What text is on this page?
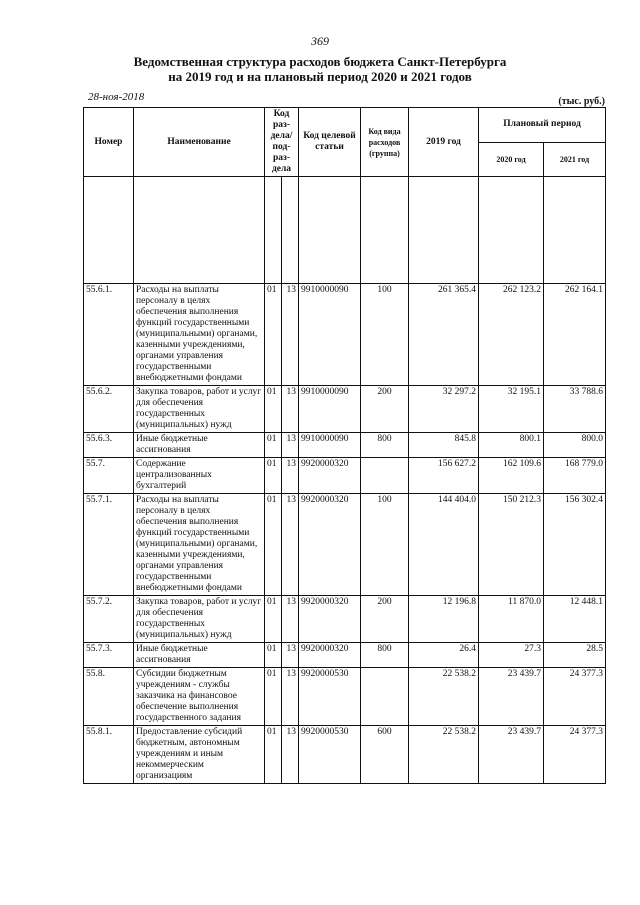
369
Ведомственная структура расходов бюджета Санкт-Петербурга
на 2019 год и на плановый период 2020 и 2021 годов
28-ноя-2018	(тыс. руб.)
Номер	Наименование	Код раз- дела/ под- раз- дела		Код целевой статьи	Код вида расходов (группа)	2019 год	Плановый период	
							2020 год	2021 год

55.6.1.	Расходы на выплаты персоналу в целях обеспечения выполнения функций государственными (муниципальными) органами, казенными учреждениями, органами управления государственными внебюджетными фондами	01	13	9910000090	100	261 365.4	262 123.2	262 164.1
55.6.2.	Закупка товаров, работ и услуг для обеспечения государственных (муниципальных) нужд	01	13	9910000090	200	32 297.2	32 195.1	33 788.6
55.6.3.	Иные бюджетные ассигнования	01	13	9910000090	800	845.8	800.1	800.0
55.7.	Содержание централизованных бухгалтерий	01	13	9920000320		156 627.2	162 109.6	168 779.0
55.7.1.	Расходы на выплаты персоналу в целях обеспечения выполнения функций государственными (муниципальными) органами, казенными учреждениями, органами управления государственными внебюджетными фондами	01	13	9920000320	100	144 404.0	150 212.3	156 302.4
55.7.2.	Закупка товаров, работ и услуг для обеспечения государственных (муниципальных) нужд	01	13	9920000320	200	12 196.8	11 870.0	12 448.1
55.7.3.	Иные бюджетные ассигнования	01	13	9920000320	800	26.4	27.3	28.5
55.8.	Субсидии бюджетным учреждениям - службы заказчика на финансовое обеспечение выполнения государственного задания	01	13	9920000530		22 538.2	23 439.7	24 377.3
55.8.1.	Предоставление субсидий бюджетным, автономным учреждениям и иным некоммерческим организациям	01	13	9920000530	600	22 538.2	23 439.7	24 377.3
